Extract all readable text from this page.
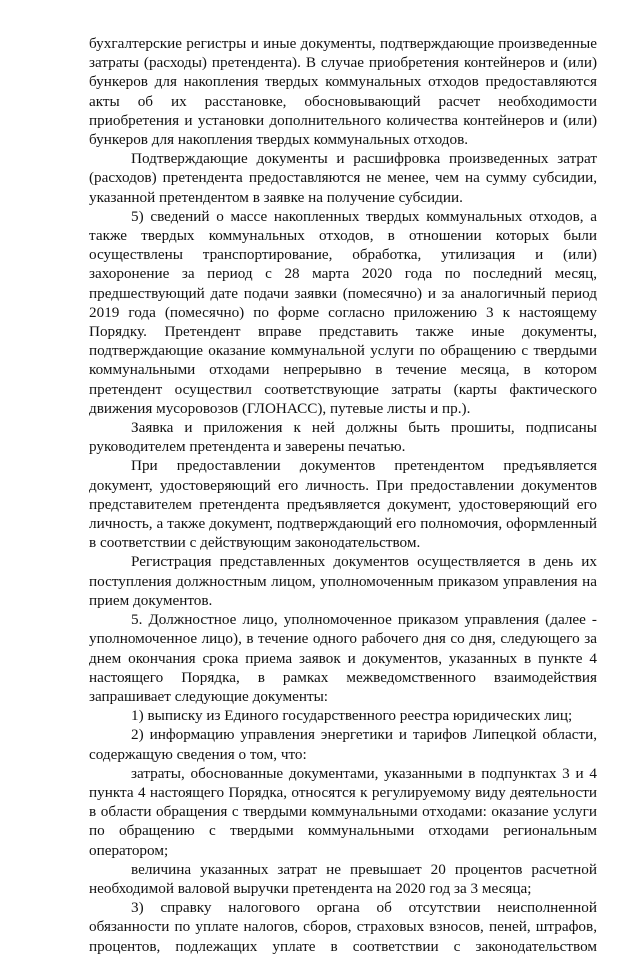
бухгалтерские регистры и иные документы, подтверждающие произведенные затраты (расходы) претендента). В случае приобретения контейнеров и (или) бункеров для накопления твердых коммунальных отходов предоставляются акты об их расстановке, обосновывающий расчет необходимости приобретения и установки дополнительного количества контейнеров и (или) бункеров для накопления твердых коммунальных отходов.

Подтверждающие документы и расшифровка произведенных затрат (расходов) претендента предоставляются не менее, чем на сумму субсидии, указанной претендентом в заявке на получение субсидии.

5) сведений о массе накопленных твердых коммунальных отходов, а также твердых коммунальных отходов, в отношении которых были осуществлены транспортирование, обработка, утилизация и (или) захоронение за период с 28 марта 2020 года по последний месяц, предшествующий дате подачи заявки (помесячно) и за аналогичный период 2019 года (помесячно) по форме согласно приложению 3 к настоящему Порядку. Претендент вправе представить также иные документы, подтверждающие оказание коммунальной услуги по обращению с твердыми коммунальными отходами непрерывно в течение месяца, в котором претендент осуществил соответствующие затраты (карты фактического движения мусоровозов (ГЛОНАСС), путевые листы и пр.).

Заявка и приложения к ней должны быть прошиты, подписаны руководителем претендента и заверены печатью.

При предоставлении документов претендентом предъявляется документ, удостоверяющий его личность. При предоставлении документов представителем претендента предъявляется документ, удостоверяющий его личность, а также документ, подтверждающий его полномочия, оформленный в соответствии с действующим законодательством.

Регистрация представленных документов осуществляется в день их поступления должностным лицом, уполномоченным приказом управления на прием документов.

5. Должностное лицо, уполномоченное приказом управления (далее - уполномоченное лицо), в течение одного рабочего дня со дня, следующего за днем окончания срока приема заявок и документов, указанных в пункте 4 настоящего Порядка, в рамках межведомственного взаимодействия запрашивает следующие документы:

1) выписку из Единого государственного реестра юридических лиц;

2) информацию управления энергетики и тарифов Липецкой области, содержащую сведения о том, что:

затраты, обоснованные документами, указанными в подпунктах 3 и 4 пункта 4 настоящего Порядка, относятся к регулируемому виду деятельности в области обращения с твердыми коммунальными отходами: оказание услуги по обращению с твердыми коммунальными отходами региональным оператором;

величина указанных затрат не превышает 20 процентов расчетной необходимой валовой выручки претендента на 2020 год за 3 месяца;

3) справку налогового органа об отсутствии неисполненной обязанности по уплате налогов, сборов, страховых взносов, пеней, штрафов, процентов, подлежащих уплате в соответствии с законодательством
